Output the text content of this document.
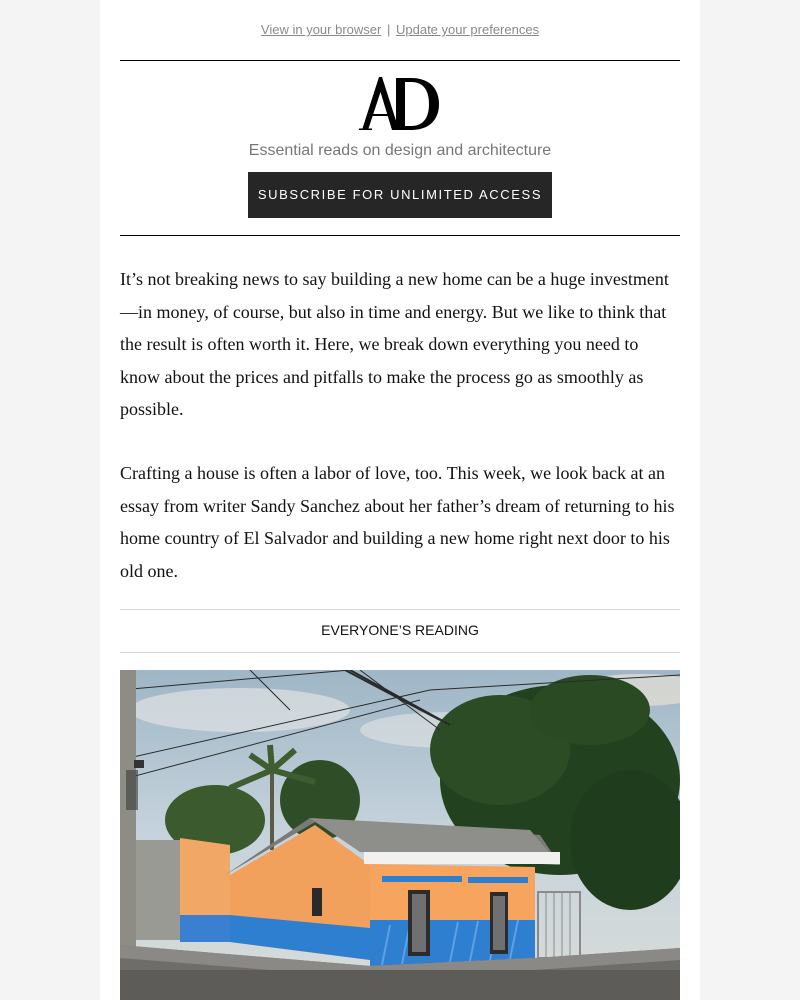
View in your browser | Update your preferences
Essential reads on design and architecture
SUBSCRIBE FOR UNLIMITED ACCESS
It’s not breaking news to say building a new home can be a huge investment
—in money, of course, but also in time and energy. But we like to think that
the result is often worth it. Here, we break down everything you need to
know about the prices and pitfalls to make the process go as smoothly as
possible.
Crafting a house is often a labor of love, too. This week, we look back at an
essay from writer Sandy Sanchez about her father’s dream of returning to his
home country of El Salvador and building a new home right next door to his
old one.
EVERYONE’S READING
